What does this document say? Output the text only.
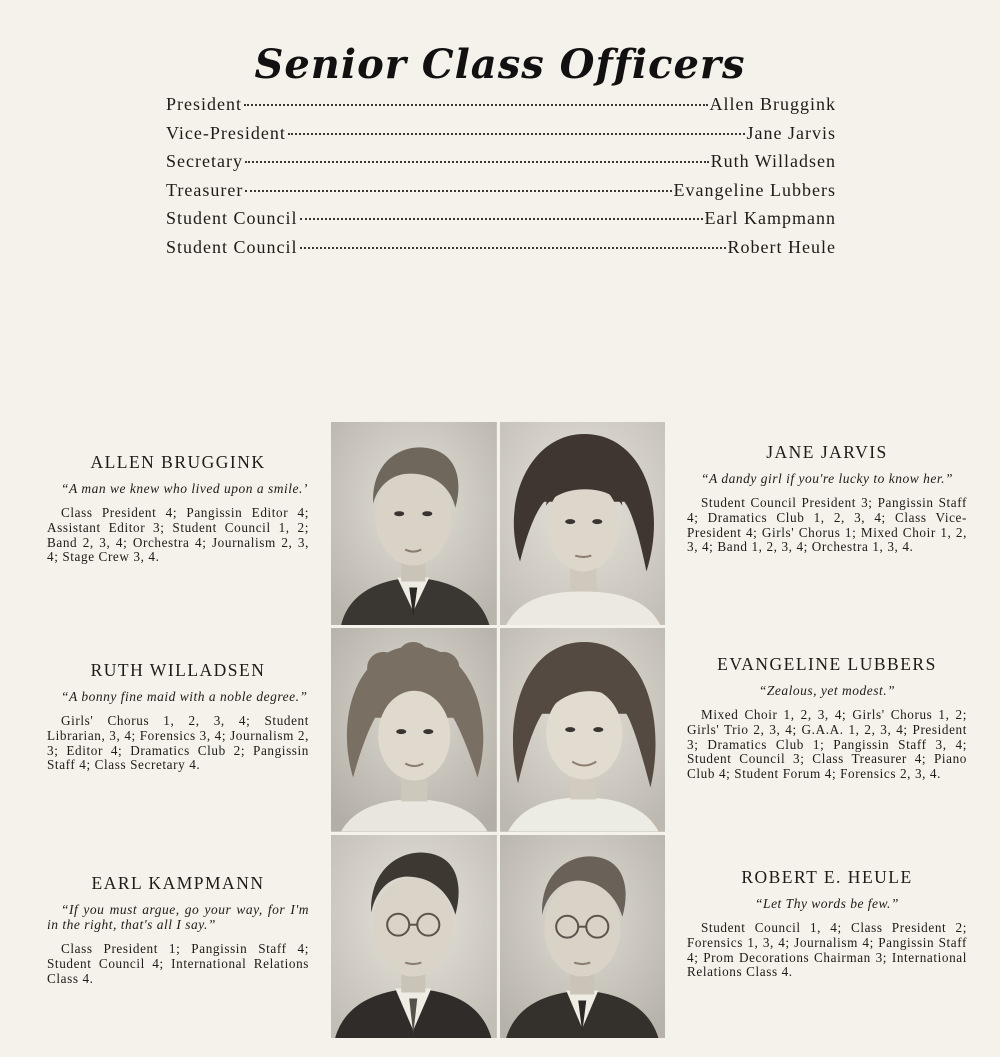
Senior Class Officers
President	Allen Bruggink
Vice-President	Jane Jarvis
Secretary	Ruth Willadsen
Treasurer	Evangeline Lubbers
Student Council	Earl Kampmann
Student Council	Robert Heule

ALLEN BRUGGINK

“A man we knew who lived upon a smile.’

Class President 4; Pangissin Editor 4; Assistant Editor 3; Student Council 1, 2; Band 2, 3, 4; Orchestra 4; Journalism 2, 3, 4; Stage Crew 3, 4.

RUTH WILLADSEN

“A bonny fine maid with a noble degree.”

Girls' Chorus 1, 2, 3, 4; Student Librarian, 3, 4; Forensics 3, 4; Journalism 2, 3; Editor 4; Dramatics Club 2; Pangissin Staff 4; Class Secretary 4.

EARL KAMPMANN

“If you must argue, go your way, for I'm in the right, that's all I say.”

Class President 1; Pangissin Staff 4; Student Council 4; International Relations Class 4.

JANE JARVIS

“A dandy girl if you're lucky to know her.”

Student Council President 3; Pangissin Staff 4; Dramatics Club 1, 2, 3, 4; Class Vice-President 4; Girls' Chorus 1; Mixed Choir 1, 2, 3, 4; Band 1, 2, 3, 4; Orchestra 1, 3, 4.

EVANGELINE LUBBERS

“Zealous, yet modest.”

Mixed Choir 1, 2, 3, 4; Girls' Chorus 1, 2; Girls' Trio 2, 3, 4; G.A.A. 1, 2, 3, 4; President 3; Dramatics Club 1; Pangissin Staff 3, 4; Student Council 3; Class Treasurer 4; Piano Club 4; Student Forum 4; Forensics 2, 3, 4.

ROBERT E. HEULE

“Let Thy words be few.”

Student Council 1, 4; Class President 2; Forensics 1, 3, 4; Journalism 4; Pangissin Staff 4; Prom Decorations Chairman 3; International Relations Class 4.
